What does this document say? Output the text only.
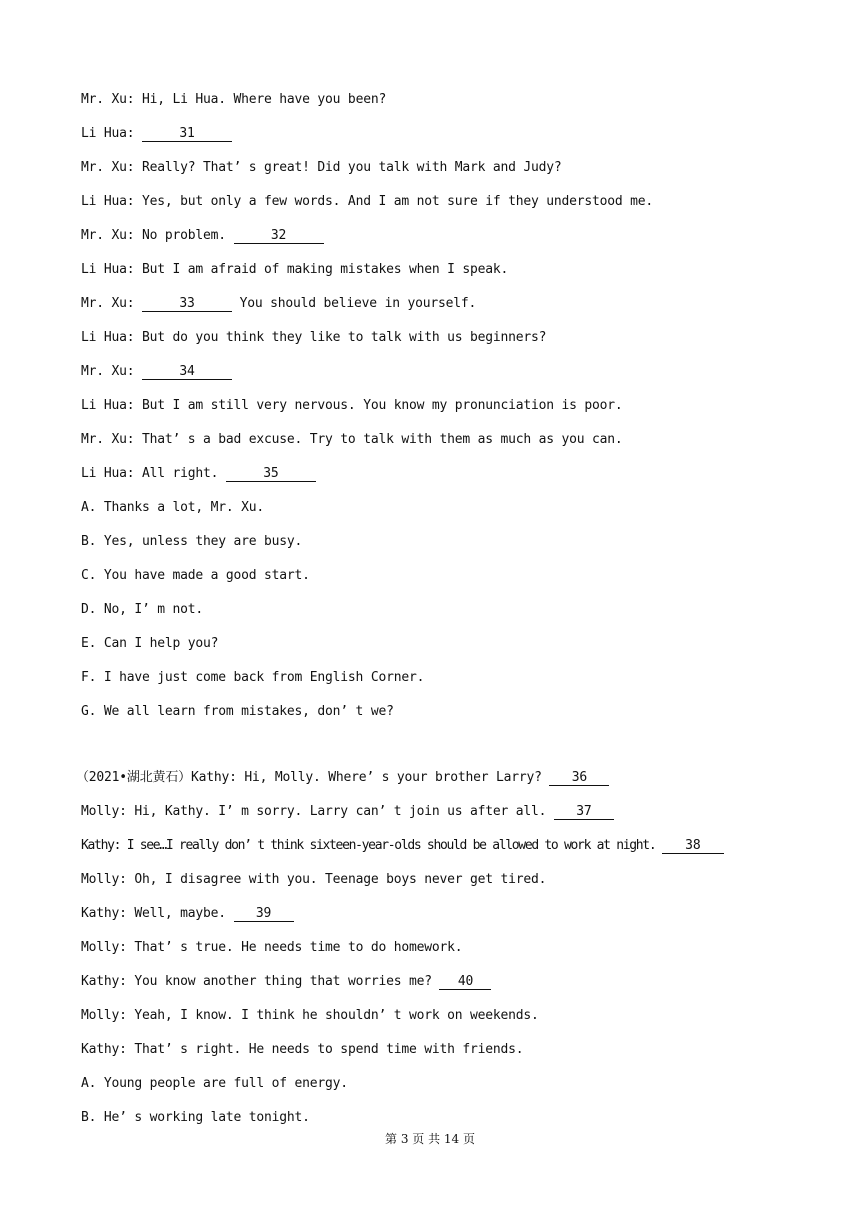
Mr. Xu: Hi, Li Hua. Where have you been?
Li Hua:	31
Mr. Xu: Really? That’ s great! Did you talk with Mark and Judy?
Li Hua: Yes, but only a few words. And I am not sure if they understood me.
Mr. Xu: No problem.	32
Li Hua: But I am afraid of making mistakes when I speak.
Mr. Xu:	33	You should believe in yourself.
Li Hua: But do you think they like to talk with us beginners?
Mr. Xu:	34
Li Hua: But I am still very nervous. You know my pronunciation is poor.
Mr. Xu: That’ s a bad excuse. Try to talk with them as much as you can.
Li Hua: All right.	35
A. Thanks a lot, Mr. Xu.
B. Yes, unless they are busy.
C. You have made a good start.
D. No, I’ m not.
E. Can I help you?
F. I have just come back from English Corner.
G. We all learn from mistakes, don’ t we?
（2021•湖北黄石）Kathy: Hi, Molly. Where’ s your brother Larry? 36
Molly: Hi, Kathy. I’ m sorry. Larry can’ t join us after all. 37
Kathy: I see…I really don’ t think sixteen-year-olds should be allowed to work at night. 38
Molly: Oh, I disagree with you. Teenage boys never get tired.
Kathy: Well, maybe. 39
Molly: That’ s true. He needs time to do homework.
Kathy: You know another thing that worries me? 40
Molly: Yeah, I know. I think he shouldn’ t work on weekends.
Kathy: That’ s right. He needs to spend time with friends.
A. Young people are full of energy.
B. He’ s working late tonight.
第 3 页 共 14 页
